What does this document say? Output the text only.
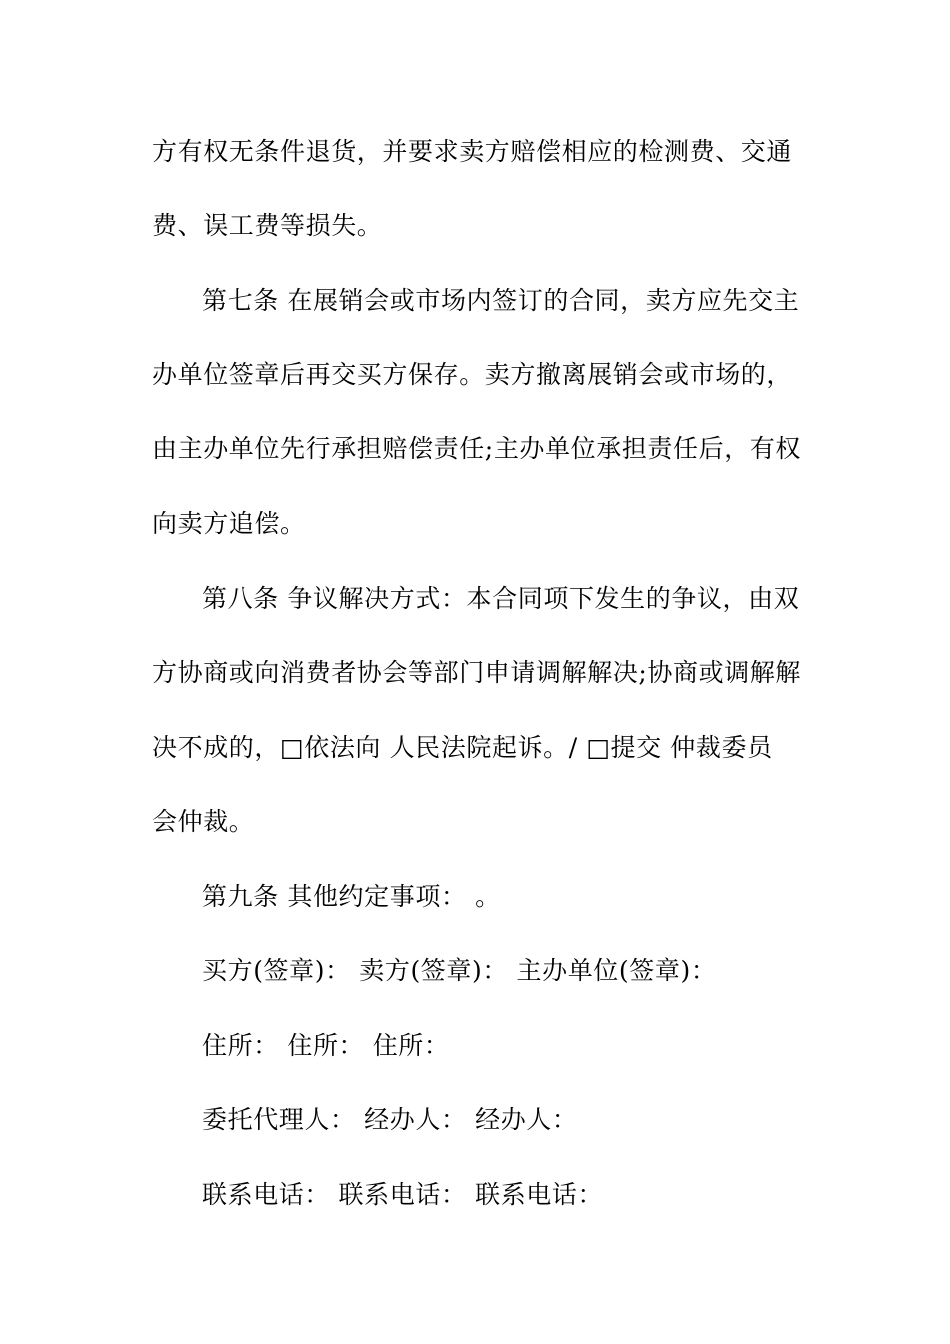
方有权无条件退货，并要求卖方赔偿相应的检测费、交通
费、误工费等损失。
第七条 在展销会或市场内签订的合同，卖方应先交主
办单位签章后再交买方保存。卖方撤离展销会或市场的，
由主办单位先行承担赔偿责任;主办单位承担责任后，有权
向卖方追偿。
第八条 争议解决方式：本合同项下发生的争议，由双
方协商或向消费者协会等部门申请调解解决;协商或调解解
决不成的，□依法向 人民法院起诉。/ □提交 仲裁委员
会仲裁。
第九条 其他约定事项： 。
买方(签章)： 卖方(签章)： 主办单位(签章)：
住所： 住所： 住所：
委托代理人： 经办人： 经办人：
联系电话： 联系电话： 联系电话：
